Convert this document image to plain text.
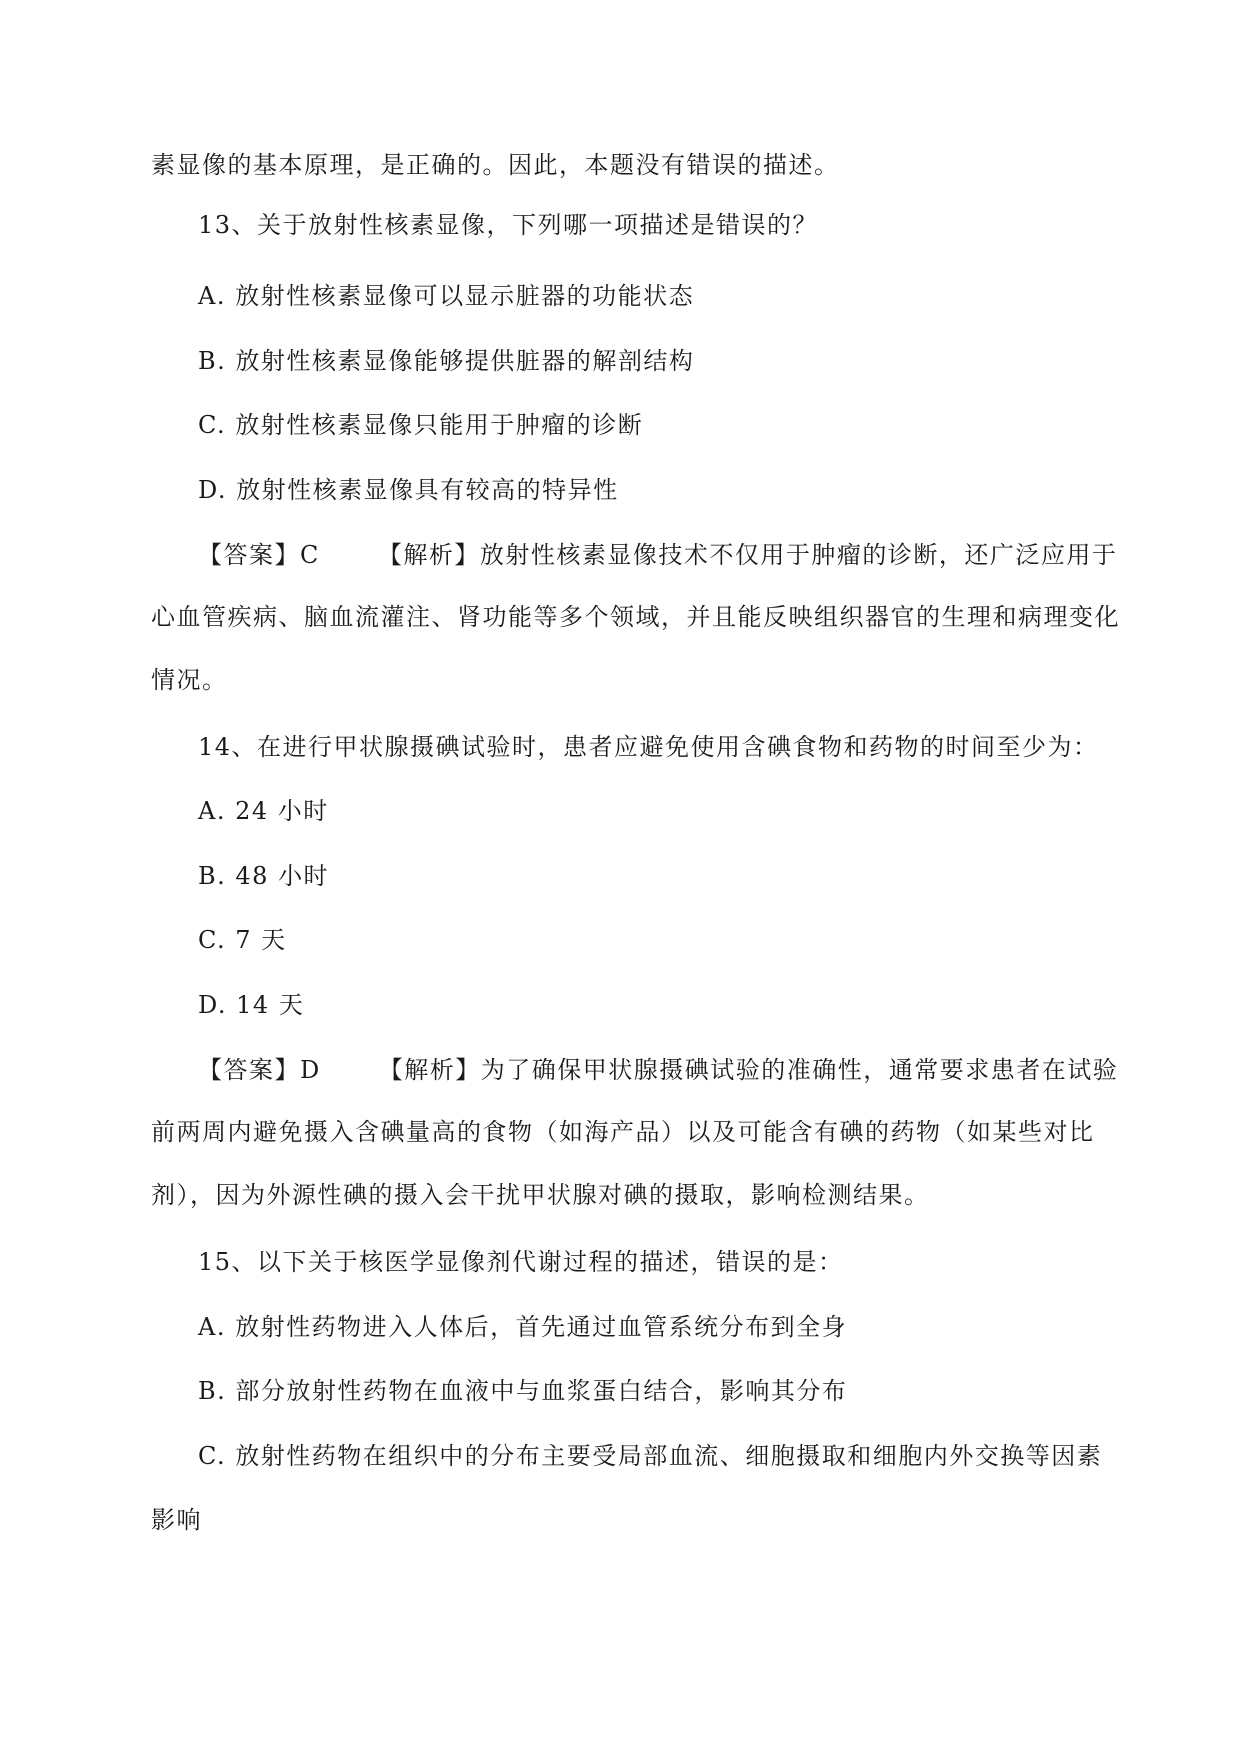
素显像的基本原理，是正确的。因此，本题没有错误的描述。
13、关于放射性核素显像，下列哪一项描述是错误的？
A. 放射性核素显像可以显示脏器的功能状态
B. 放射性核素显像能够提供脏器的解剖结构
C. 放射性核素显像只能用于肿瘤的诊断
D. 放射性核素显像具有较高的特异性
【答案】C 【解析】放射性核素显像技术不仅用于肿瘤的诊断，还广泛应用于
心血管疾病、脑血流灌注、肾功能等多个领域，并且能反映组织器官的生理和病理变化
情况。
14、在进行甲状腺摄碘试验时，患者应避免使用含碘食物和药物的时间至少为：
A. 24 小时
B. 48 小时
C. 7 天
D. 14 天
【答案】D 【解析】为了确保甲状腺摄碘试验的准确性，通常要求患者在试验
前两周内避免摄入含碘量高的食物（如海产品）以及可能含有碘的药物（如某些对比
剂），因为外源性碘的摄入会干扰甲状腺对碘的摄取，影响检测结果。
15、以下关于核医学显像剂代谢过程的描述，错误的是：
A. 放射性药物进入人体后，首先通过血管系统分布到全身
B. 部分放射性药物在血液中与血浆蛋白结合，影响其分布
C. 放射性药物在组织中的分布主要受局部血流、细胞摄取和细胞内外交换等因素
影响
